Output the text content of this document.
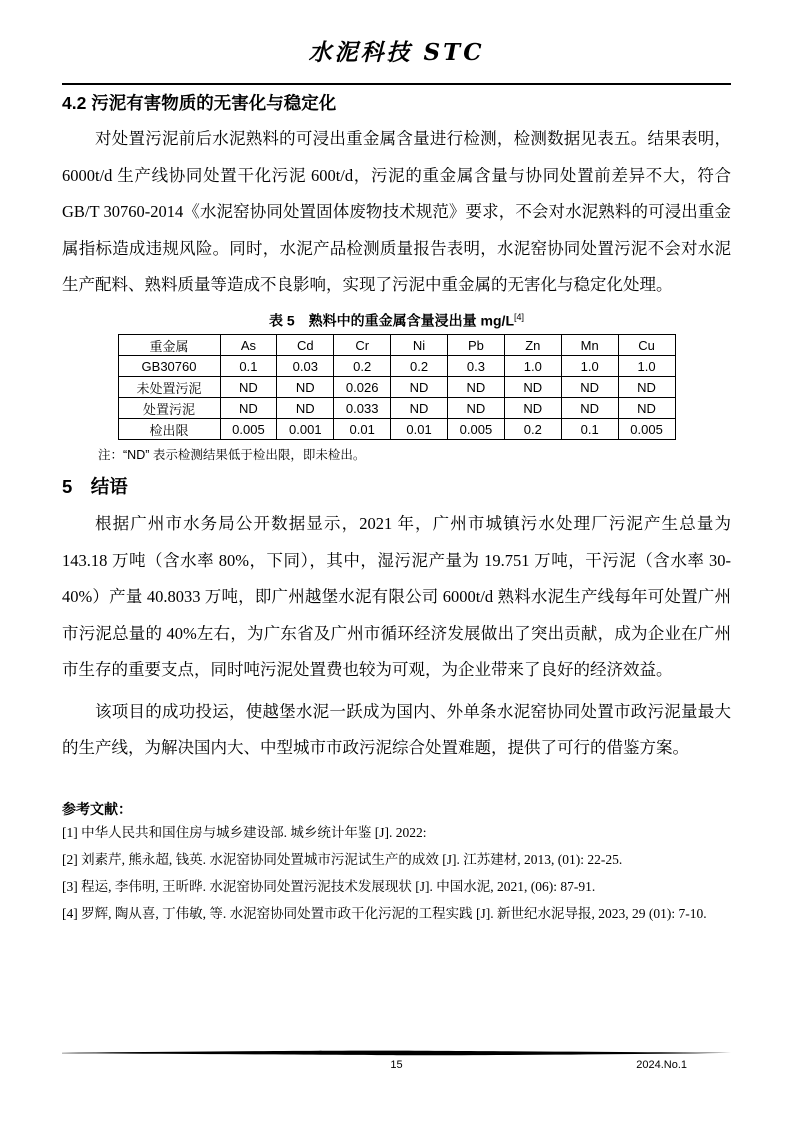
水泥科技 STC
4.2 污泥有害物质的无害化与稳定化

对处置污泥前后水泥熟料的可浸出重金属含量进行检测，检测数据见表五。结果表明，6000t/d 生产线协同处置干化污泥 600t/d，污泥的重金属含量与协同处置前差异不大，符合 GB/T 30760-2014《水泥窑协同处置固体废物技术规范》要求，不会对水泥熟料的可浸出重金属指标造成违规风险。同时，水泥产品检测质量报告表明，水泥窑协同处置污泥不会对水泥生产配料、熟料质量等造成不良影响，实现了污泥中重金属的无害化与稳定化处理。

表 5　熟料中的重金属含量浸出量 mg/L[4]
重金属	As	Cd	Cr	Ni	Pb	Zn	Mn	Cu
GB30760	0.1	0.03	0.2	0.2	0.3	1.0	1.0	1.0
未处置污泥	ND	ND	0.026	ND	ND	ND	ND	ND
处置污泥	ND	ND	0.033	ND	ND	ND	ND	ND
检出限	0.005	0.001	0.01	0.01	0.005	0.2	0.1	0.005
注：“ND” 表示检测结果低于检出限，即未检出。
5　结语

根据广州市水务局公开数据显示，2021 年，广州市城镇污水处理厂污泥产生总量为 143.18 万吨（含水率 80%，下同），其中，湿污泥产量为 19.751 万吨，干污泥（含水率 30-40%）产量 40.8033 万吨，即广州越堡水泥有限公司 6000t/d 熟料水泥生产线每年可处置广州市污泥总量的 40%左右，为广东省及广州市循环经济发展做出了突出贡献，成为企业在广州市生存的重要支点，同时吨污泥处置费也较为可观，为企业带来了良好的经济效益。

该项目的成功投运，使越堡水泥一跃成为国内、外单条水泥窑协同处置市政污泥量最大的生产线，为解决国内大、中型城市市政污泥综合处置难题，提供了可行的借鉴方案。

参考文献：

[1] 中华人民共和国住房与城乡建设部. 城乡统计年鉴 [J]. 2022:

[2] 刘素芹, 熊永超, 钱英. 水泥窑协同处置城市污泥试生产的成效 [J]. 江苏建材, 2013, (01): 22-25.

[3] 程运, 李伟明, 王昕晔. 水泥窑协同处置污泥技术发展现状 [J]. 中国水泥, 2021, (06): 87-91.

[4] 罗辉, 陶从喜, 丁伟敏, 等. 水泥窑协同处置市政干化污泥的工程实践 [J]. 新世纪水泥导报, 2023, 29 (01): 7-10.

15	2024.No.1
